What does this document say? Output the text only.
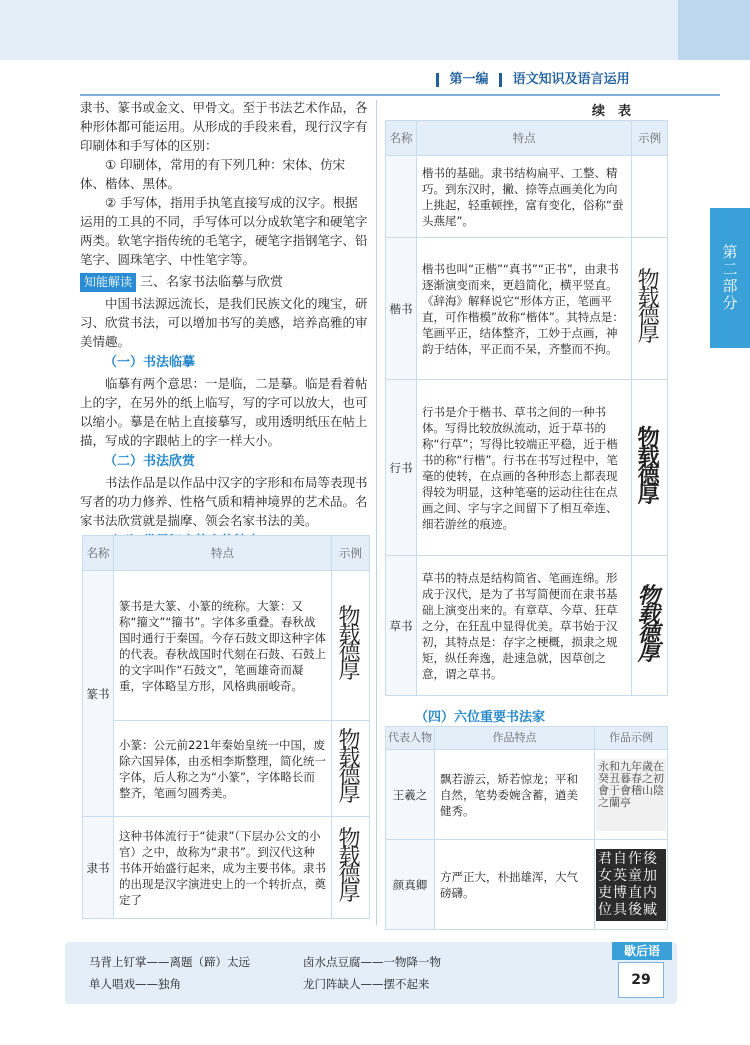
第一编 语文知识及语言运用
第二部分

隶书、篆书或金文、甲骨文。至于书法艺术作品，各种形体都可能运用。从形成的手段来看，现行汉字有印刷体和手写体的区别：

① 印刷体，常用的有下列几种：宋体、仿宋体、楷体、黑体。

② 手写体，指用手执笔直接写成的汉字。根据运用的工具的不同，手写体可以分成软笔字和硬笔字两类。软笔字指传统的毛笔字，硬笔字指钢笔字、铅笔字、圆珠笔字、中性笔字等。

知能解读 三、名家书法临摹与欣赏

中国书法源远流长，是我们民族文化的瑰宝，研习、欣赏书法，可以增加书写的美感，培养高雅的审美情趣。

（一）书法临摹

临摹有两个意思：一是临，二是摹。临是看着帖上的字，在另外的纸上临写，写的字可以放大，也可以缩小。摹是在帖上直接摹写，或用透明纸压在帖上描，写成的字跟帖上的字一样大小。

（二）书法欣赏

书法作品是以作品中汉字的字形和布局等表现书写者的功力修养、性格气质和精神境界的艺术品。名家书法欣赏就是揣摩、领会名家书法的美。

名称	特点	示例
篆书	篆书是大篆、小篆的统称。大篆：又称“籀文”“籀书”。字体多重叠。春秋战国时通行于秦国。今存石鼓文即这种字体的代表。春秋战国时代刻在石鼓、石鼓上的文字叫作“石鼓文”，笔画雄奇而凝重，字体略呈方形，风格典丽峻奇。	物载德厚
	小篆：公元前221年秦始皇统一中国，废除六国异体，由丞相李斯整理，简化统一字体，后人称之为“小篆”，字体略长而整齐，笔画匀圆秀美。	物载德厚
隶书	这种书体流行于“徒隶”（下层办公文的小官）之中，故称为“隶书”。到汉代这种书体开始盛行起来，成为主要书体。隶书的出现是汉字演进史上的一个转折点，奠定了	物载德厚
续　表
名称	特点	示例
	楷书的基础。隶书结构扁平、工整、精巧。到东汉时，撇、捺等点画美化为向上挑起，轻重顿挫，富有变化，俗称“蚕头燕尾”。	
楷书	楷书也叫“正楷”“真书”“正书”，由隶书逐渐演变而来，更趋简化，横平竖直。《辞海》解释说它“形体方正，笔画平直，可作楷模”故称“楷体”。其特点是：笔画平正，结体整齐，工妙于点画，神韵于结体，平正而不呆，齐整而不拘。	物载德厚
行书	行书是介于楷书、草书之间的一种书体。写得比较放纵流动，近于草书的称“行草”；写得比较端正平稳，近于楷书的称“行楷”。行书在书写过程中，笔毫的使转，在点画的各种形态上都表现得较为明显，这种笔毫的运动往往在点画之间、字与字之间留下了相互牵连、细若游丝的痕迹。	物载德厚
草书	草书的特点是结构简省、笔画连绵。形成于汉代，是为了书写简便而在隶书基础上演变出来的。有章草、今草、狂草之分，在狂乱中显得优美。草书始于汉初，其特点是：存字之梗概，损隶之规矩，纵任奔逸，赴速急就，因草创之意，谓之草书。	物载德厚
（四）六位重要书法家
代表人物	作品特点	作品示例
王羲之	飘若游云，矫若惊龙；平和自然，笔势委婉含蓄，遒美健秀。	永和九年歲在癸丑暮春之初會于會稽山陰之蘭亭

颜真卿	方严正大，朴拙雄浑，大气磅礴。	君自作後女英童加吏博直内位具後臧
马背上钉掌——离题（蹄）太远	卤水点豆腐——一物降一物
单人唱戏——独角	龙门阵缺人——摆不起来
歇后语
29
